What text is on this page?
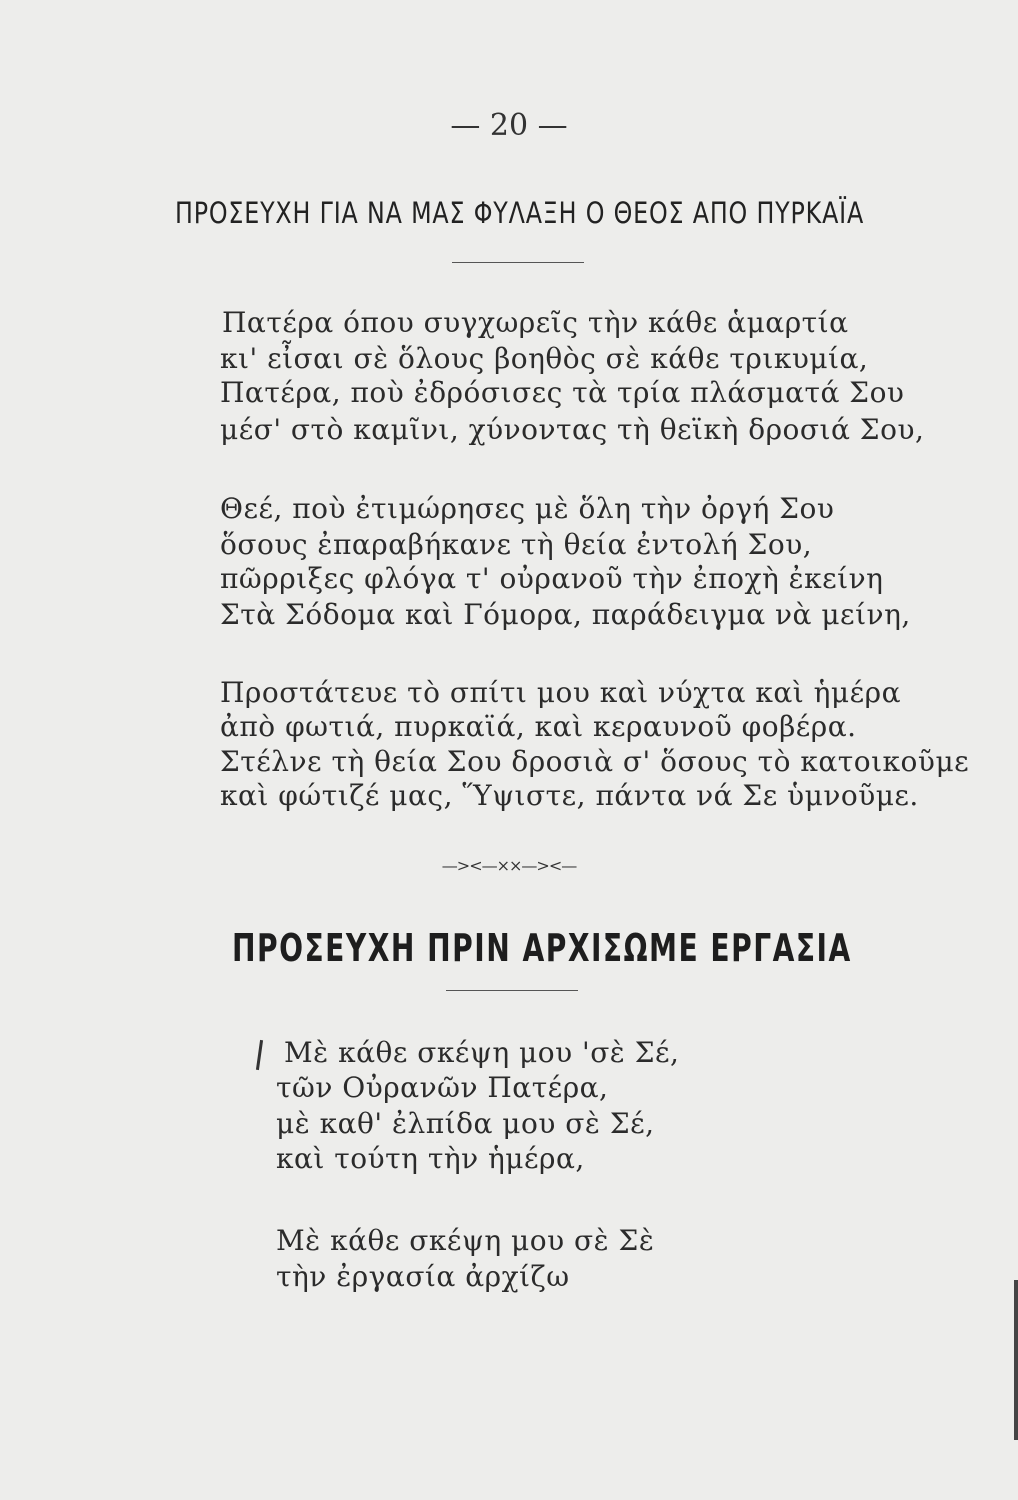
— 20 —
ΠΡΟΣΕΥΧΗ ΓΙΑ ΝΑ ΜΑΣ ΦΥΛΑΞΗ Ο ΘΕΟΣ ΑΠΟ ΠΥΡΚΑΪΑ
Πατέρα όπου συγχωρεῖς τὴν κάθε ἁμαρτία
κι' εἶσαι σὲ ὅλους βοηθὸς σὲ κάθε τρικυμία,
Πατέρα, ποὺ ἐδρόσισες τὰ τρία πλάσματά Σου
μέσ' στὸ καμῖνι, χύνοντας τὴ θεϊκὴ δροσιά Σου,
Θεέ, ποὺ ἐτιμώρησες μὲ ὅλη τὴν ὀργή Σου
ὅσους ἐπαραβήκανε τὴ θεία ἐντολή Σου,
πῶρριξες φλόγα τ' οὐρανοῦ τὴν ἐποχὴ ἐκείνη
Στὰ Σόδομα καὶ Γόμορα, παράδειγμα νὰ μείνη,
Προστάτευε τὸ σπίτι μου καὶ νύχτα καὶ ἡμέρα
ἀπὸ φωτιά, πυρκαϊά, καὶ κεραυνοῦ φοβέρα.
Στέλνε τὴ θεία Σου δροσιὰ σ' ὅσους τὸ κατοικοῦμε
καὶ φώτιζέ μας, Ὕψιστε, πάντα νά Σε ὑμνοῦμε.
—><—××—><—
ΠΡΟΣΕΥΧΗ ΠΡΙΝ ΑΡΧΙΣΩΜΕ ΕΡΓΑΣΙΑ
Μὲ κάθε σκέψη μου 'σὲ Σέ,
τῶν Οὐρανῶν Πατέρα,
μὲ καθ' ἐλπίδα μου σὲ Σέ,
καὶ τούτη τὴν ἡμέρα,
Μὲ κάθε σκέψη μου σὲ Σὲ
τὴν ἐργασία ἀρχίζω
